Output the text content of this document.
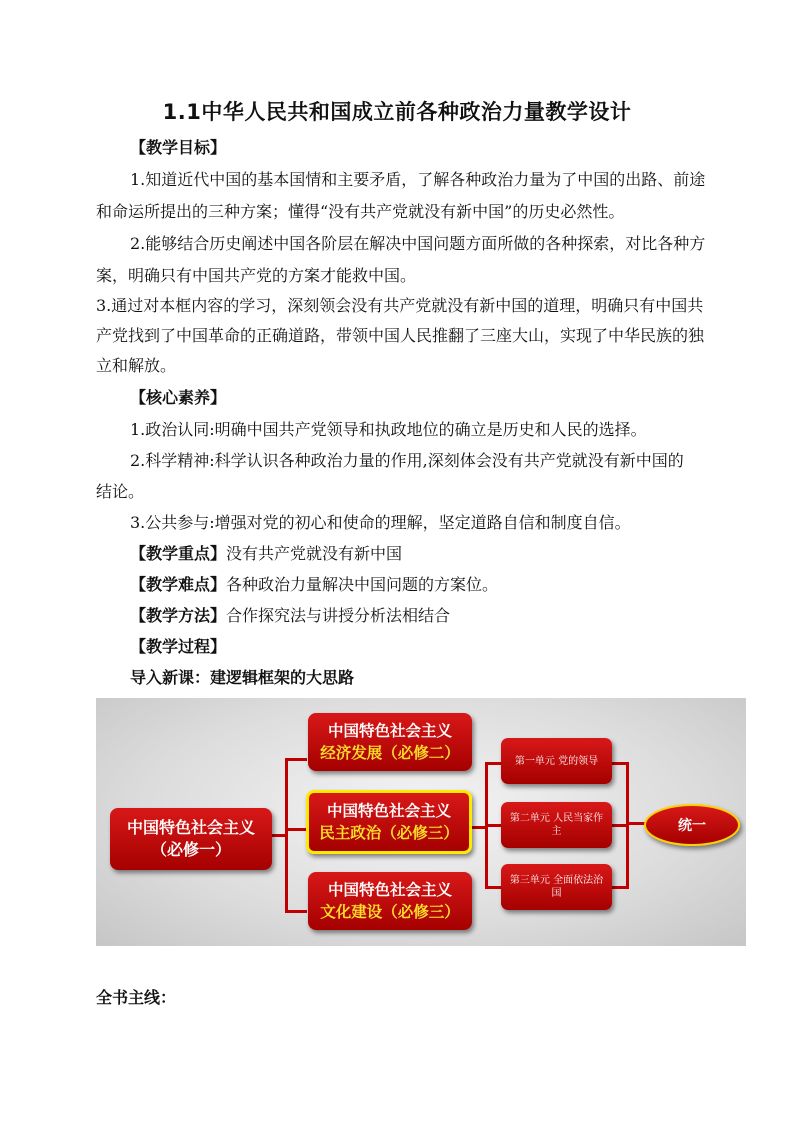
1.1中华人民共和国成立前各种政治力量教学设计
【教学目标】
1.知道近代中国的基本国情和主要矛盾，了解各种政治力量为了中国的出路、前途
和命运所提出的三种方案；懂得“没有共产党就没有新中国”的历史必然性。
2.能够结合历史阐述中国各阶层在解决中国问题方面所做的各种探索，对比各种方
案，明确只有中国共产党的方案才能救中国。
3.通过对本框内容的学习，深刻领会没有共产党就没有新中国的道理，明确只有中国共
产党找到了中国革命的正确道路，带领中国人民推翻了三座大山，实现了中华民族的独
立和解放。
【核心素养】
1.政治认同:明确中国共产党领导和执政地位的确立是历史和人民的选择。
2.科学精神:科学认识各种政治力量的作用,深刻体会没有共产党就没有新中国的
结论。
3.公共参与:增强对党的初心和使命的理解，坚定道路自信和制度自信。
【教学重点】没有共产党就没有新中国
【教学难点】各种政治力量解决中国问题的方案位。
【教学方法】合作探究法与讲授分析法相结合
【教学过程】
导入新课：建逻辑框架的大思路
中国特色社会主义
（必修一）
中国特色社会主义
经济发展（必修二）
中国特色社会主义
民主政治（必修三）
中国特色社会主义
文化建设（必修三）
第一单元 党的领导
第二单元 人民当家作主
第三单元 全面依法治国
统一
全书主线：
